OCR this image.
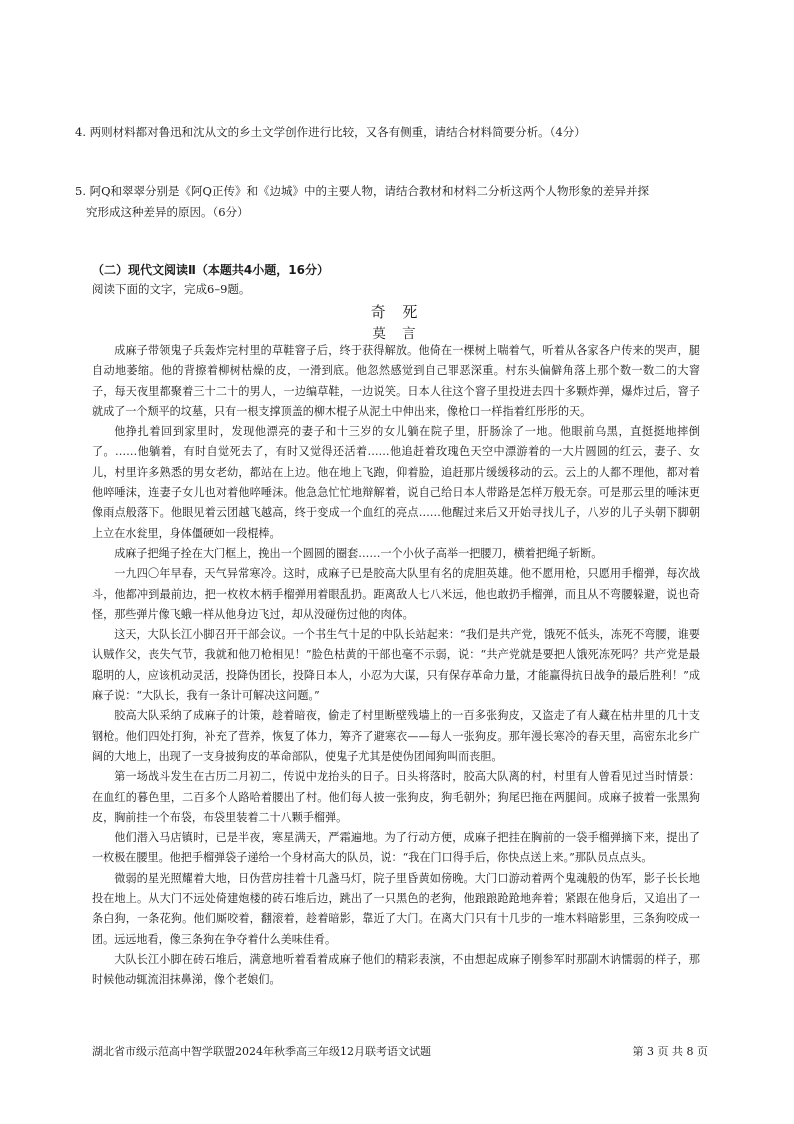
4. 两则材料都对鲁迅和沈从文的乡土文学创作进行比较，又各有侧重，请结合材料简要分析。（4分）
5. 阿Q和翠翠分别是《阿Q正传》和《边城》中的主要人物，请结合教材和材料二分析这两个人物形象的差异并探
究形成这种差异的原因。（6分）
（二）现代文阅读Ⅱ（本题共4小题，16分）
阅读下面的文字，完成6–9题。
奇 死
莫 言

成麻子带领鬼子兵轰炸完村里的草鞋窨子后，终于获得解放。他倚在一棵树上喘着气，听着从各家各户传来的哭声，腿自动地萎缩。他的背擦着柳树枯燥的皮，一滑到底。他忽然感觉到自己罪恶深重。村东头偏僻角落上那个数一数二的大窨子，每天夜里都聚着三十二十的男人，一边编草鞋，一边说笑。日本人往这个窨子里投进去四十多颗炸弹，爆炸过后，窨子就成了一个颓平的坟墓，只有一根支撑顶盖的柳木棍子从泥土中伸出来，像枪口一样指着红彤彤的天。

他挣扎着回到家里时，发现他漂亮的妻子和十三岁的女儿躺在院子里，肝肠涂了一地。他眼前乌黑，直挺挺地摔倒了。……他躺着，有时自觉死去了，有时又觉得还活着……他追赶着玫瑰色天空中漂游着的一大片圆圆的红云，妻子、女儿，村里许多熟悉的男女老幼，都站在上边。他在地上飞跑，仰着脸，追赶那片缓缓移动的云。云上的人都不理他，都对着他啐唾沫，连妻子女儿也对着他啐唾沫。他急急忙忙地辩解着，说自己给日本人带路是怎样万般无奈。可是那云里的唾沫更像雨点般落下。他眼见着云团越飞越高，终于变成一个血红的亮点……他醒过来后又开始寻找儿子，八岁的儿子头朝下脚朝上立在水瓮里，身体僵硬如一段棍棒。

成麻子把绳子拴在大门框上，挽出一个圆圆的圈套……一个小伙子高举一把腰刀，横着把绳子斩断。

一九四〇年早春，天气异常寒冷。这时，成麻子已是胶高大队里有名的虎胆英雄。他不愿用枪，只愿用手榴弹，每次战斗，他都冲到最前边，把一枚枚木柄手榴弹用着眼乱扔。距离敌人七八米远，他也敢扔手榴弹，而且从不弯腰躲避，说也奇怪，那些弹片像飞蛾一样从他身边飞过，却从没碰伤过他的肉体。

这天，大队长江小脚召开干部会议。一个书生气十足的中队长站起来：“我们是共产党，饿死不低头，冻死不弯腰，谁要认贼作父，丧失气节，我就和他刀枪相见！”脸色枯黄的干部也毫不示弱，说：“共产党就是要把人饿死冻死吗？共产党是最聪明的人，应该机动灵活，投降伪团长，投降日本人，小忍为大谋，只有保存革命力量，才能赢得抗日战争的最后胜利！”成麻子说：“大队长，我有一条计可解决这问题。”

胶高大队采纳了成麻子的计策，趁着暗夜，偷走了村里断壁残墙上的一百多张狗皮，又盗走了有人藏在枯井里的几十支钢枪。他们四处打狗，补充了营养，恢复了体力，筹齐了避寒衣——每人一张狗皮。那年漫长寒冷的春天里，高密东北乡广阔的大地上，出现了一支身披狗皮的革命部队，使鬼子尤其是使伪团闻狗叫而丧胆。

第一场战斗发生在古历二月初二，传说中龙抬头的日子。日头将落时，胶高大队离的村，村里有人曾看见过当时情景：在血红的暮色里，二百多个人路哈着腰出了村。他们每人披一张狗皮，狗毛朝外；狗尾巴拖在两腿间。成麻子披着一张黑狗皮，胸前挂一个布袋，布袋里装着二十八颗手榴弹。

他们潜入马店镇时，已是半夜，寒星满天，严霜遍地。为了行动方便，成麻子把挂在胸前的一袋手榴弹摘下来，提出了一枚极在腰里。他把手榴弹袋子递给一个身材高大的队员，说：“我在门口得手后，你快点送上来。”那队员点点头。

微弱的星光照耀着大地，日伪营房挂着十几盏马灯，院子里昏黄如傍晚。大门口游动着两个鬼魂般的伪军，影子长长地投在地上。从大门不远处倚建炮楼的砖石堆后边，跳出了一只黑色的老狗，他踉踉跄跄地奔着；紧跟在他身后，又追出了一条白狗，一条花狗。他们厮咬着，翻滚着，趁着暗影，靠近了大门。在离大门只有十几步的一堆木料暗影里，三条狗咬成一团。远远地看，像三条狗在争夺着什么美味佳肴。

大队长江小脚在砖石堆后，满意地听着看着成麻子他们的精彩表演，不由想起成麻子刚参军时那副木讷懦弱的样子，那时候他动辄流泪抹鼻涕，像个老娘们。

湖北省市级示范高中智学联盟2024年秋季高三年级12月联考语文试题	第 3 页 共 8 页
